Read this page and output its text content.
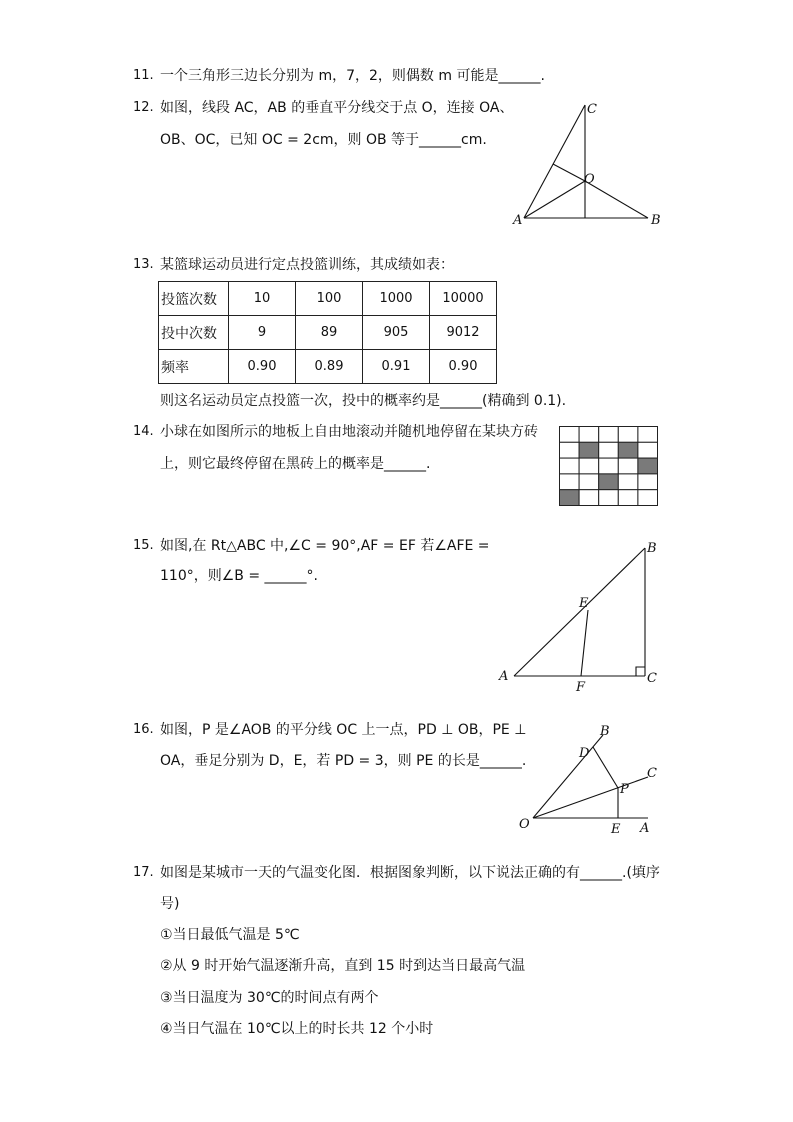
11. 一个三角形三边长分别为 m，7，2，则偶数 m 可能是______.
12. 如图，线段 AC，AB 的垂直平分线交于点 O，连接 OA、
OB、OC，已知 OC = 2cm，则 OB 等于______cm.
A	B
C
O
13. 某篮球运动员进行定点投篮训练，其成绩如表：
投篮次数	10	100	1000	10000
投中次数	9	89	905	9012
频率	0.90	0.89	0.91	0.90
则这名运动员定点投篮一次，投中的概率约是______(精确到 0.1).
14. 小球在如图所示的地板上自由地滚动并随机地停留在某块方砖
上，则它最终停留在黑砖上的概率是______.
15. 如图,在 Rt△ABC 中,∠C = 90°,AF = EF 若∠AFE =
110°，则∠B = ______°.
A
B
C
E
F
16. 如图，P 是∠AOB 的平分线 OC 上一点，PD ⊥ OB，PE ⊥
OA，垂足分别为 D，E，若 PD = 3，则 PE 的长是______.
O	A
B
C
D
E
P
17. 如图是某城市一天的气温变化图．根据图象判断，以下说法正确的有______.(填序
号)
①当日最低气温是 5℃
②从 9 时开始气温逐渐升高，直到 15 时到达当日最高气温
③当日温度为 30℃的时间点有两个
④当日气温在 10℃以上的时长共 12 个小时
